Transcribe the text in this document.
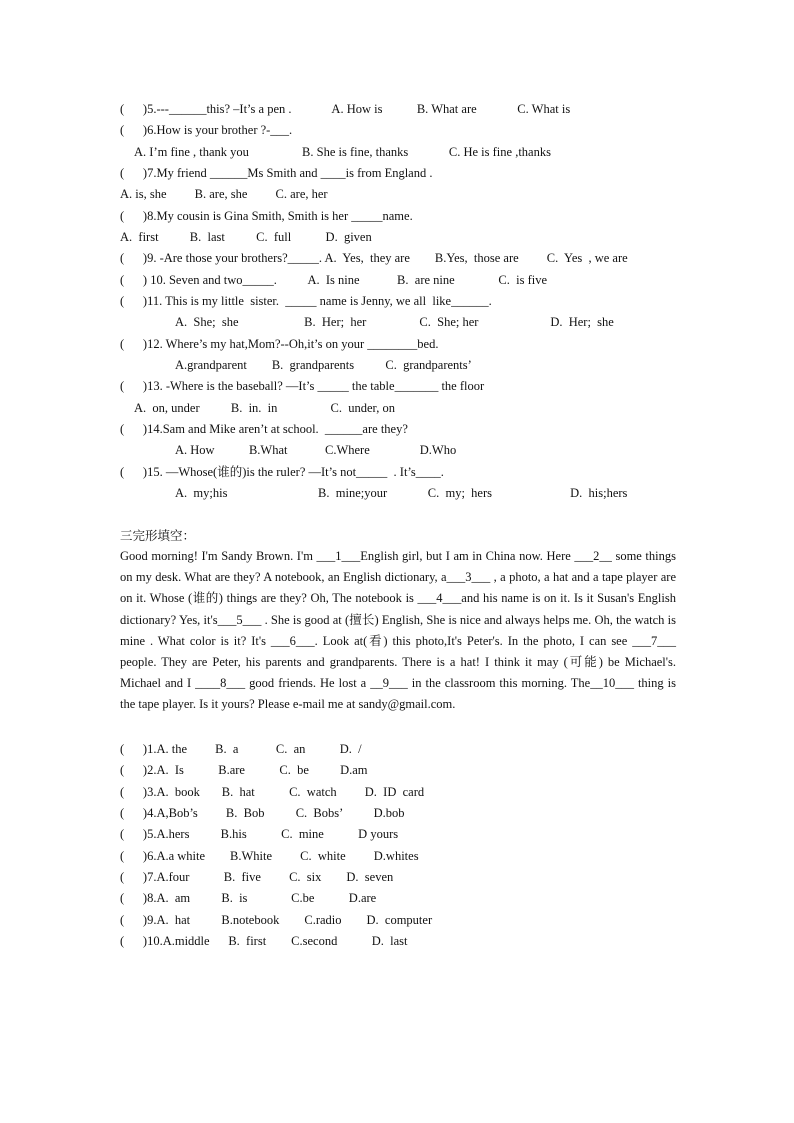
(      )5.---______this? –It’s a pen .             A. How is           B. What are             C. What is
(      )6.How is your brother ?-___.
A. I’m fine , thank you                 B. She is fine, thanks             C. He is fine ,thanks
(      )7.My friend ______Ms Smith and ____is from England .
A. is, she         B. are, she         C. are, her
(      )8.My cousin is Gina Smith, Smith is her _____name.
A.  first          B.  last          C.  full           D.  given
(      )9. -Are those your brothers?_____. A.  Yes,  they are        B.Yes,  those are         C.  Yes  , we are
(      ) 10. Seven and two_____.          A.  Is nine            B.  are nine              C.  is five
(      )11. This is my little  sister.  _____ name is Jenny, we all  like______.
A.  She;  she                     B.  Her;  her                 C.  She; her                       D.  Her;  she
(      )12. Where’s my hat,Mom?--Oh,it’s on your ________bed.
A.grandparent        B.  grandparents          C.  grandparents’
(      )13. -Where is the baseball? —It’s _____ the table_______ the floor
A.  on, under          B.  in.  in                 C.  under, on
(      )14.Sam and Mike aren’t at school.  ______are they?
A. How           B.What            C.Where                D.Who
(      )15. —Whose(谁的)is the ruler? —It’s not_____  . It’s____.
A.  my;his                             B.  mine;your             C.  my;  hers                         D.  his;hers
三完形填空：
Good morning! I'm Sandy Brown. I'm ___1___English girl, but I am in China now. Here ___2__ some things on my desk. What are they? A notebook, an English dictionary, a___3___ , a photo, a hat and a tape player are on it. Whose (谁的) things are they? Oh, The notebook is ___4___and his name is on it. Is it Susan's English dictionary? Yes, it's___5___ . She is good at (擅长) English, She is nice and always helps me. Oh, the watch is mine . What color is it? It's ___6___. Look at(看) this photo,It's Peter's. In the photo, I can see ___7___ people. They are Peter, his parents and grandparents. There is a hat! I think it may (可能) be Michael's. Michael and I ____8___ good friends. He lost a __9___ in the classroom this morning. The__10___ thing is the tape player. Is it yours? Please e-mail me at sandy@gmail.com.
(      )1.A. the         B.  a            C.  an           D.  /
(      )2.A.  Is           B.are           C.  be          D.am
(      )3.A.  book       B.  hat           C.  watch         D.  ID  card
(      )4.A,Bob’s         B.  Bob          C.  Bobs’          D.bob
(      )5.A.hers          B.his           C.  mine           D yours
(      )6.A.a white        B.White         C.  white         D.whites
(      )7.A.four           B.  five         C.  six        D.  seven
(      )8.A.  am          B.  is              C.be           D.are
(      )9.A.  hat          B.notebook        C.radio        D.  computer
(      )10.A.middle      B.  first        C.second           D.  last
